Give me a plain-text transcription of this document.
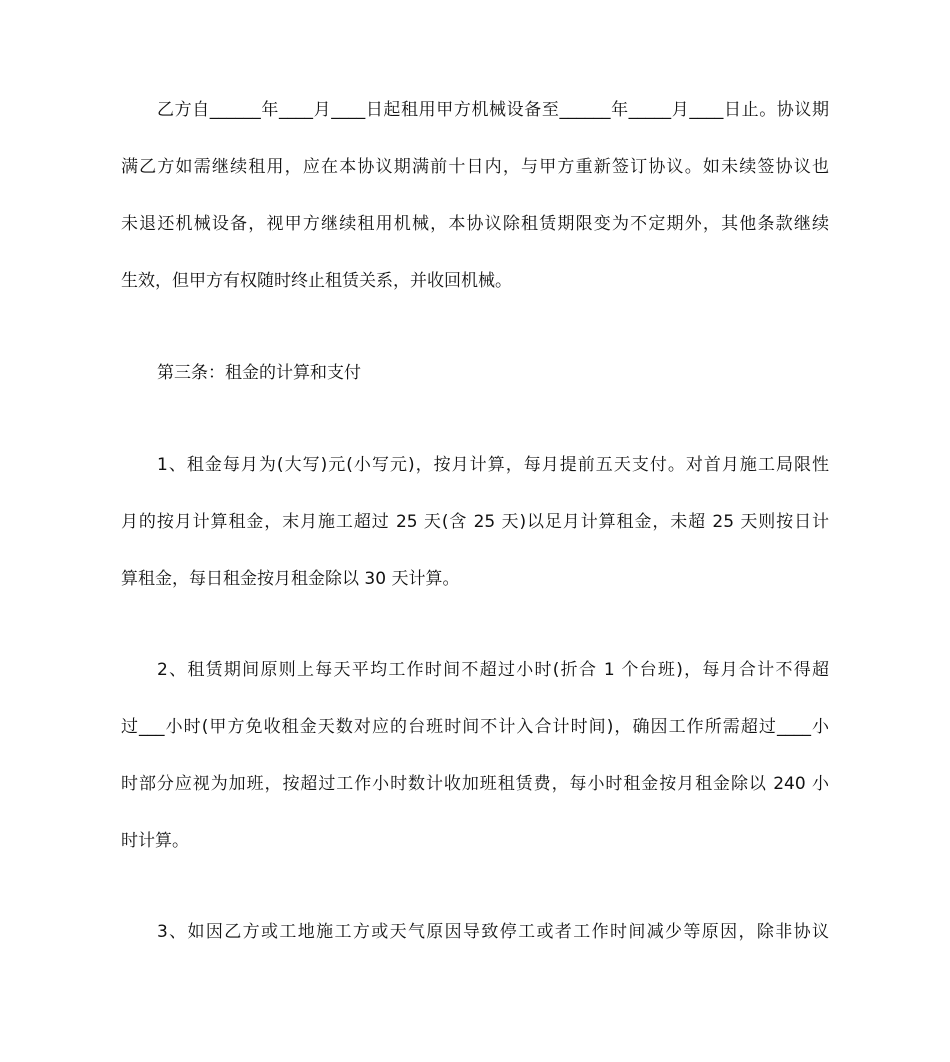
乙方自______年____月____日起租用甲方机械设备至______年_____月____日止。协议期
满乙方如需继续租用，应在本协议期满前十日内，与甲方重新签订协议。如未续签协议也
未退还机械设备，视甲方继续租用机械，本协议除租赁期限变为不定期外，其他条款继续
生效，但甲方有权随时终止租赁关系，并收回机械。
第三条：租金的计算和支付
1、租金每月为(大写)元(小写元)，按月计算，每月提前五天支付。对首月施工局限性
月的按月计算租金，末月施工超过 25 天(含 25 天)以足月计算租金，未超 25 天则按日计
算租金，每日租金按月租金除以 30 天计算。
2、租赁期间原则上每天平均工作时间不超过小时(折合 1 个台班)，每月合计不得超
过___小时(甲方免收租金天数对应的台班时间不计入合计时间)，确因工作所需超过____小
时部分应视为加班，按超过工作小时数计收加班租赁费，每小时租金按月租金除以 240 小
时计算。
3、如因乙方或工地施工方或天气原因导致停工或者工作时间减少等原因，除非协议
